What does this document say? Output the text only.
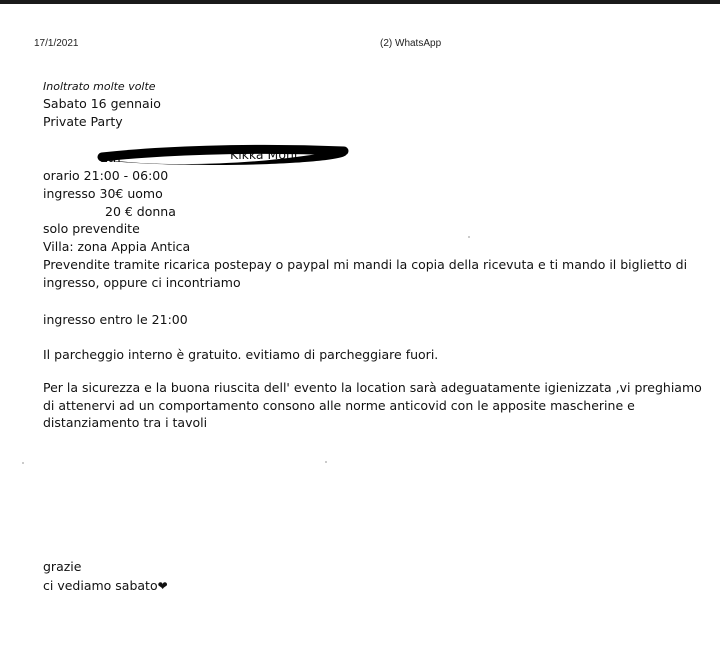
17/1/2021	(2) WhatsApp
Inoltrato molte volte
Sabato 16 gennaio
Private Party
Eth	Kikka Moni
orario 21:00 - 06:00
ingresso 30€ uomo
20 € donna
solo prevendite
Villa: zona Appia Antica
Prevendite tramite ricarica postepay o paypal mi mandi la copia della ricevuta e ti mando il biglietto di ingresso, oppure ci incontriamo
ingresso entro le 21:00
Il parcheggio interno è gratuito. evitiamo di parcheggiare fuori.
Per la sicurezza e la buona riuscita dell' evento la location sarà adeguatamente igienizzata ,vi preghiamo di attenervi ad un comportamento consono alle norme anticovid con le apposite mascherine e distanziamento tra i tavoli
grazie
ci vediamo sabato❤
